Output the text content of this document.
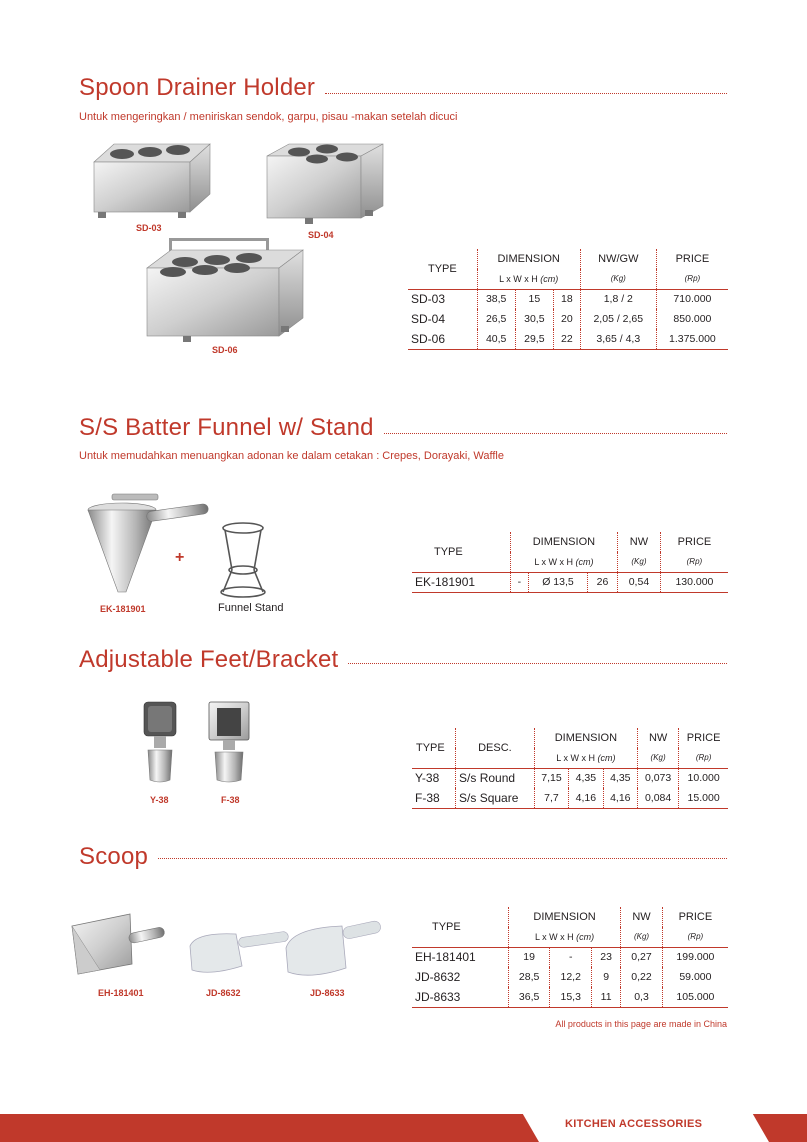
Spoon Drainer Holder
Untuk mengeringkan / meniriskan sendok, garpu, pisau -makan setelah dicuci
SD-03
SD-04
SD-06
TYPE	DIMENSION			NW/GW	PRICE
	L x W x H (cm)			(Kg)	(Rp)
SD-03	38,5	15	18	1,8 / 2	710.000
SD-04	26,5	30,5	20	2,05 / 2,65	850.000
SD-06	40,5	29,5	22	3,65 / 4,3	1.375.000
S/S Batter Funnel w/ Stand
Untuk memudahkan menuangkan adonan ke dalam cetakan : Crepes, Dorayaki, Waffle
+
EK-181901	Funnel Stand
TYPE	DIMENSION			NW	PRICE
	L x W x H (cm)			(Kg)	(Rp)
EK-181901	-	Ø 13,5	26	0,54	130.000
Adjustable Feet/Bracket
Y-38	F-38
TYPE	DESC.	DIMENSION			NW	PRICE
		L x W x H (cm)			(Kg)	(Rp)
Y-38	S/s Round	7,15	4,35	4,35	0,073	10.000
F-38	S/s Square	7,7	4,16	4,16	0,084	15.000
Scoop
EH-181401	JD-8632	JD-8633
TYPE	DIMENSION			NW	PRICE
	L x W x H (cm)			(Kg)	(Rp)
EH-181401	19	-	23	0,27	199.000
JD-8632	28,5	12,2	9	0,22	59.000
JD-8633	36,5	15,3	11	0,3	105.000
All products in this page are made in China
KITCHEN ACCESSORIES
